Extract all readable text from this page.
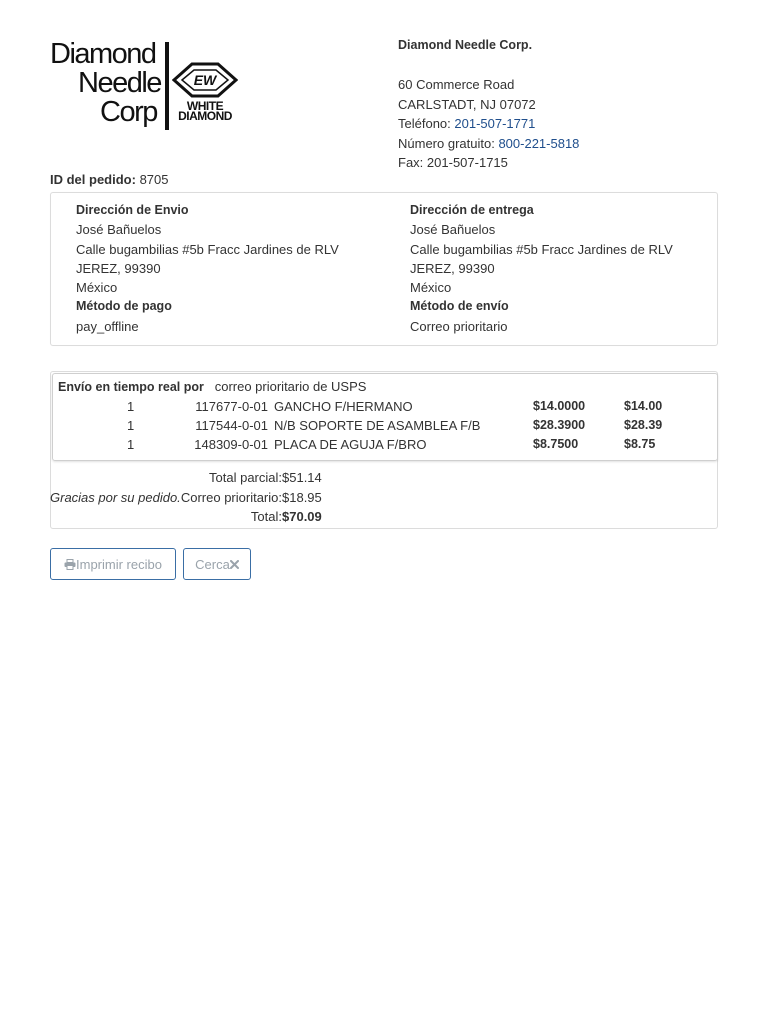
Diamond
Needle
Corp
EW
WHITE
DIAMOND
Diamond Needle Corp.
60 Commerce Road
CARLSTADT, NJ 07072
Teléfono: 201-507-1771
Número gratuito: 800-221-5818
Fax: 201-507-1715
ID del pedido: 8705
Dirección de Envio
José Bañuelos
Calle bugambilias #5b Fracc Jardines de RLV
JEREZ, 99390
México
Método de pago
pay_offline
Dirección de entrega
José Bañuelos
Calle bugambilias #5b Fracc Jardines de RLV
JEREZ, 99390
México
Método de envío
Correo prioritario
Envío en tiempo real por correo prioritario de USPS
1	117677-0-01 GANCHO F/HERMANO	$14.0000	$14.00
1	117544-0-01 N/B SOPORTE DE ASAMBLEA F/B	$28.3900	$28.39
1	148309-0-01 PLACA DE AGUJA F/BRO	$8.7500	$8.75
Total parcial: $51.14
Gracias por su pedido. Correo prioritario: $18.95
Total: $70.09
Imprimir recibo	Cerca
